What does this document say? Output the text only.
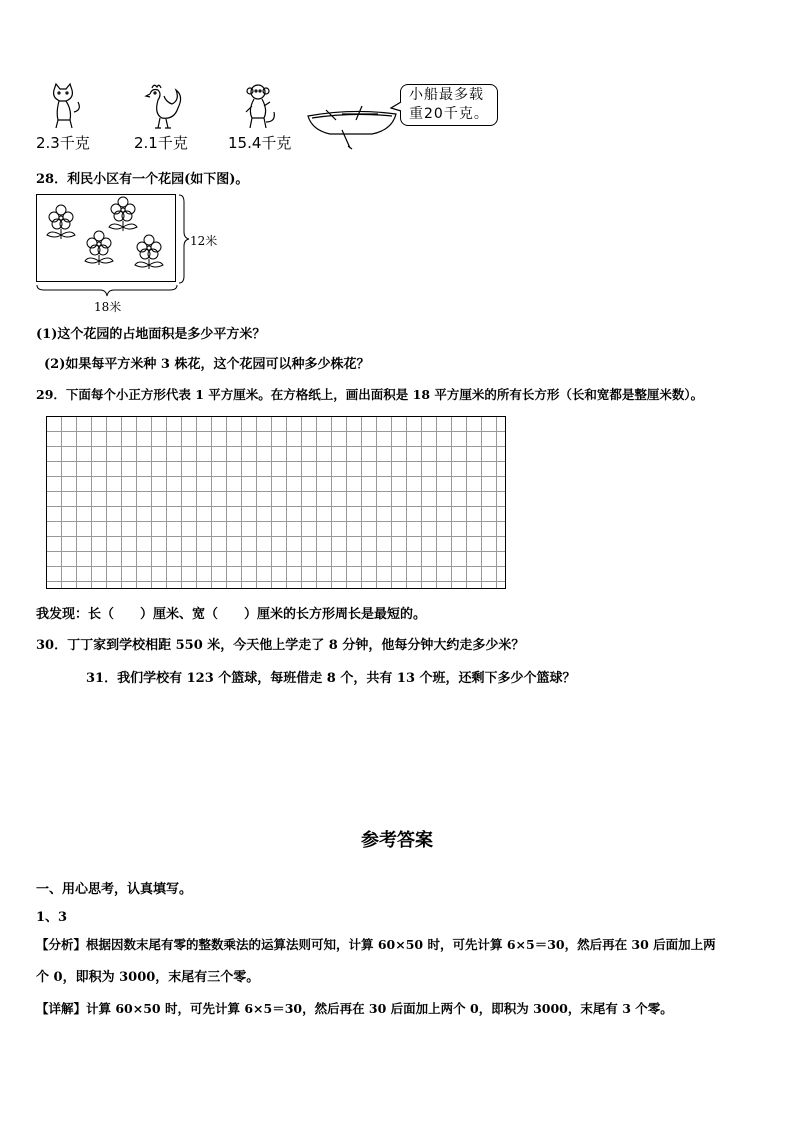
2.3千克	2.1千克	15.4千克
小船最多载
重20千克。
28．利民小区有一个花园(如下图)。
12米
18米
(1)这个花园的占地面积是多少平方米？
(2)如果每平方米种 3 株花，这个花园可以种多少株花？
29．下面每个小正方形代表 1 平方厘米。在方格纸上，画出面积是 18 平方厘米的所有长方形（长和宽都是整厘米数）。
我发现：长（　　）厘米、宽（　　）厘米的长方形周长是最短的。
30．丁丁家到学校相距 550 米，今天他上学走了 8 分钟，他每分钟大约走多少米？
31．我们学校有 123 个篮球，每班借走 8 个，共有 13 个班，还剩下多少个篮球？
参考答案
一、用心思考，认真填写。
1、3
【分析】根据因数末尾有零的整数乘法的运算法则可知，计算 60×50 时，可先计算 6×5＝30，然后再在 30 后面加上两
个 0，即积为 3000，末尾有三个零。
【详解】计算 60×50 时，可先计算 6×5＝30，然后再在 30 后面加上两个 0，即积为 3000，末尾有 3 个零。
